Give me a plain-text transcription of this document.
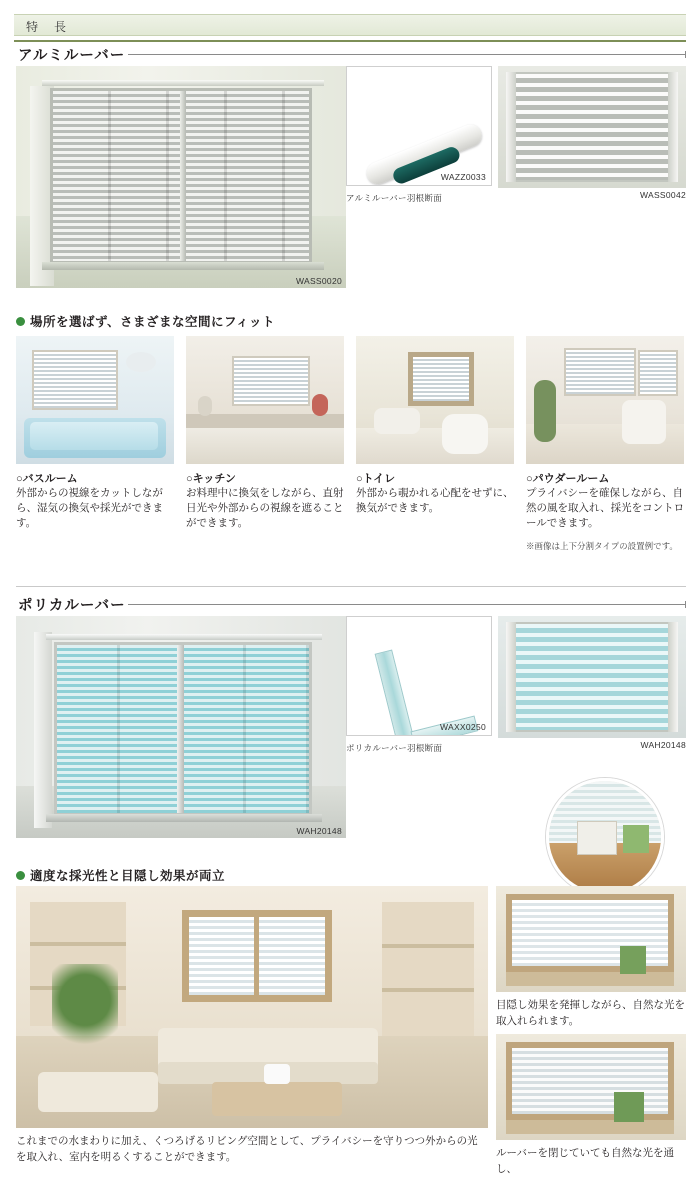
特　長
アルミルーバー
WASS0020
WAZZ0033
アルミルーバー羽根断面	WASS0042
場所を選ばず、さまざまな空間にフィット
○バスルーム
外部からの視線をカットしながら、湿気の換気や採光ができます。
○キッチン
お料理中に換気をしながら、直射日光や外部からの視線を遮ることができます。
○トイレ
外部から覗かれる心配をせずに、換気ができます。
○パウダールーム
プライバシーを確保しながら、自然の風を取入れ、採光をコントロールできます。
※画像は上下分割タイプの設置例です。
ポリカルーバー
WAH20148
WAXX0250
ポリカルーバー羽根断面	WAH20148
適度な採光性と目隠し効果が両立
目隠し効果を発揮しながら、自然な光を取入れられます。
ルーバーを閉じていても自然な光を通し、
これまでの水まわりに加え、くつろげるリビング空間として、プライバシーを守りつつ外からの光を取入れ、室内を明るくすることができます。
